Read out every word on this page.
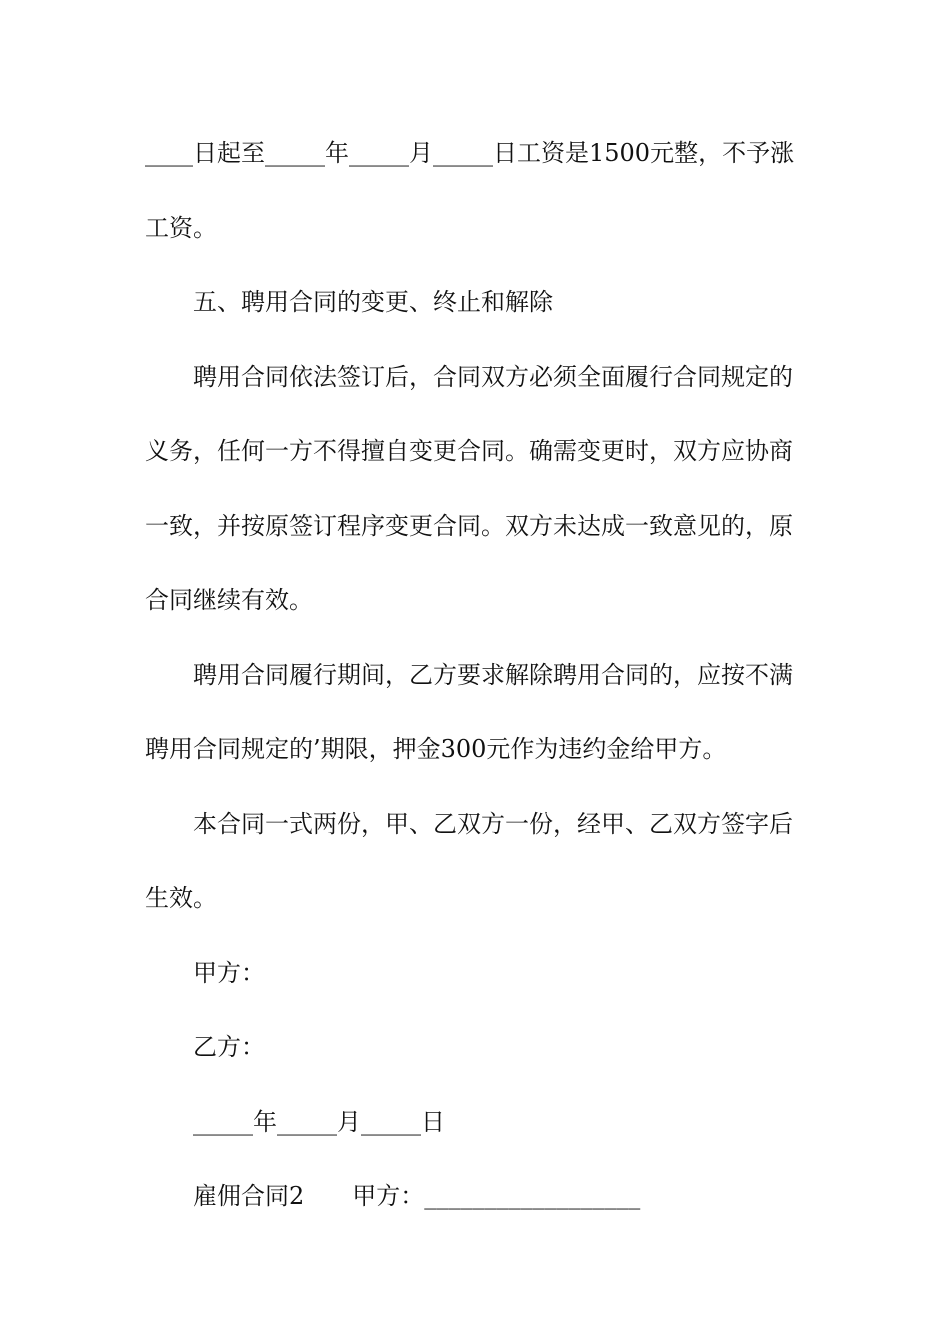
____日起至_____年_____月_____日工资是1500元整，不予涨
工资。
五、聘用合同的变更、终止和解除
聘用合同依法签订后，合同双方必须全面履行合同规定的
义务，任何一方不得擅自变更合同。确需变更时，双方应协商
一致，并按原签订程序变更合同。双方未达成一致意见的，原
合同继续有效。
聘用合同履行期间，乙方要求解除聘用合同的，应按不满
聘用合同规定的’期限，押金300元作为违约金给甲方。
本合同一式两份，甲、乙双方一份，经甲、乙双方签字后
生效。
甲方：
乙方：
_____年_____月_____日
雇佣合同2　　甲方：__________________
